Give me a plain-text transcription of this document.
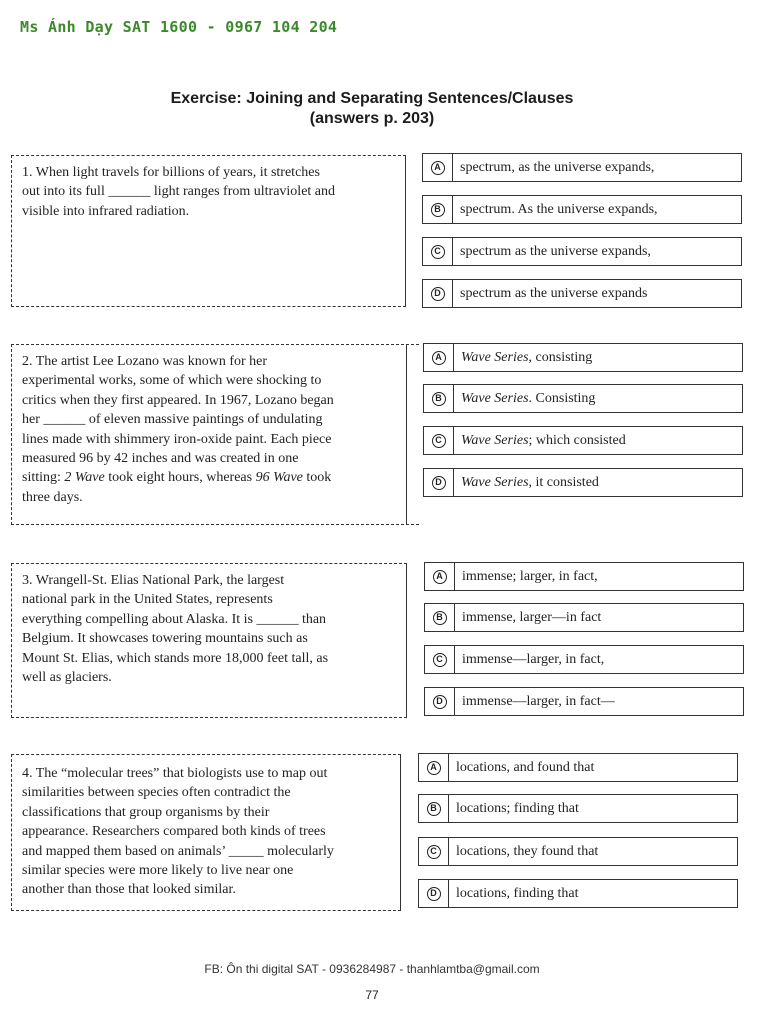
Ms Ánh Dạy SAT 1600 - 0967 104 204
Exercise: Joining and Separating Sentences/Clauses
(answers p. 203)
1. When light travels for billions of years, it stretches
out into its full ______ light ranges from ultraviolet and
visible into infrared radiation.
A	spectrum, as the universe expands,
B	spectrum. As the universe expands,
C	spectrum as the universe expands,
D	spectrum as the universe expands
2. The artist Lee Lozano was known for her
experimental works, some of which were shocking to
critics when they first appeared. In 1967, Lozano began
her ______ of eleven massive paintings of undulating
lines made with shimmery iron-oxide paint. Each piece
measured 96 by 42 inches and was created in one
sitting: 2 Wave took eight hours, whereas 96 Wave took
three days.
A	Wave Series, consisting
B	Wave Series. Consisting
C	Wave Series; which consisted
D	Wave Series, it consisted
3. Wrangell-St. Elias National Park, the largest
national park in the United States, represents
everything compelling about Alaska. It is ______ than
Belgium. It showcases towering mountains such as
Mount St. Elias, which stands more 18,000 feet tall, as
well as glaciers.
A	immense; larger, in fact,
B	immense, larger—in fact
C	immense—larger, in fact,
D	immense—larger, in fact—
4. The “molecular trees” that biologists use to map out
similarities between species often contradict the
classifications that group organisms by their
appearance. Researchers compared both kinds of trees
and mapped them based on animals’ _____ molecularly
similar species were more likely to live near one
another than those that looked similar.
A	locations, and found that
B	locations; finding that
C	locations, they found that
D	locations, finding that
FB: Ôn thi digital SAT - 0936284987 - thanhlamtba@gmail.com
77
